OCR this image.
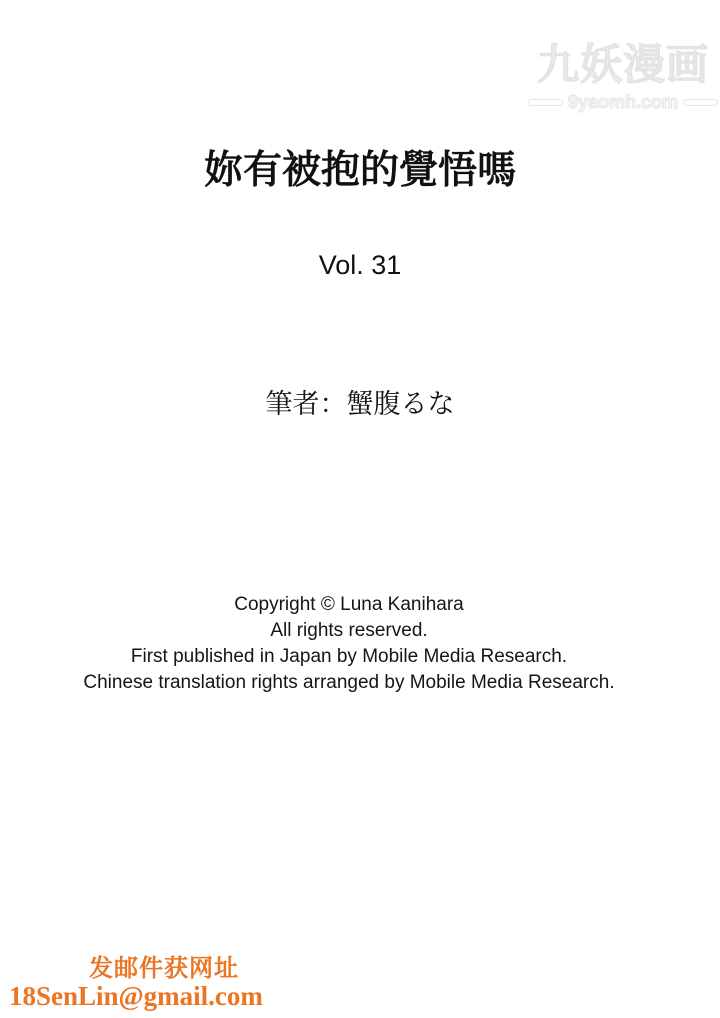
九妖漫画
9yaomh.com
妳有被抱的覺悟嗎
Vol. 31
筆者：蟹腹るな
Copyright © Luna Kanihara
All rights reserved.
First published in Japan by Mobile Media Research.
Chinese translation rights arranged by Mobile Media Research.
发邮件获网址
18SenLin@gmail.com
